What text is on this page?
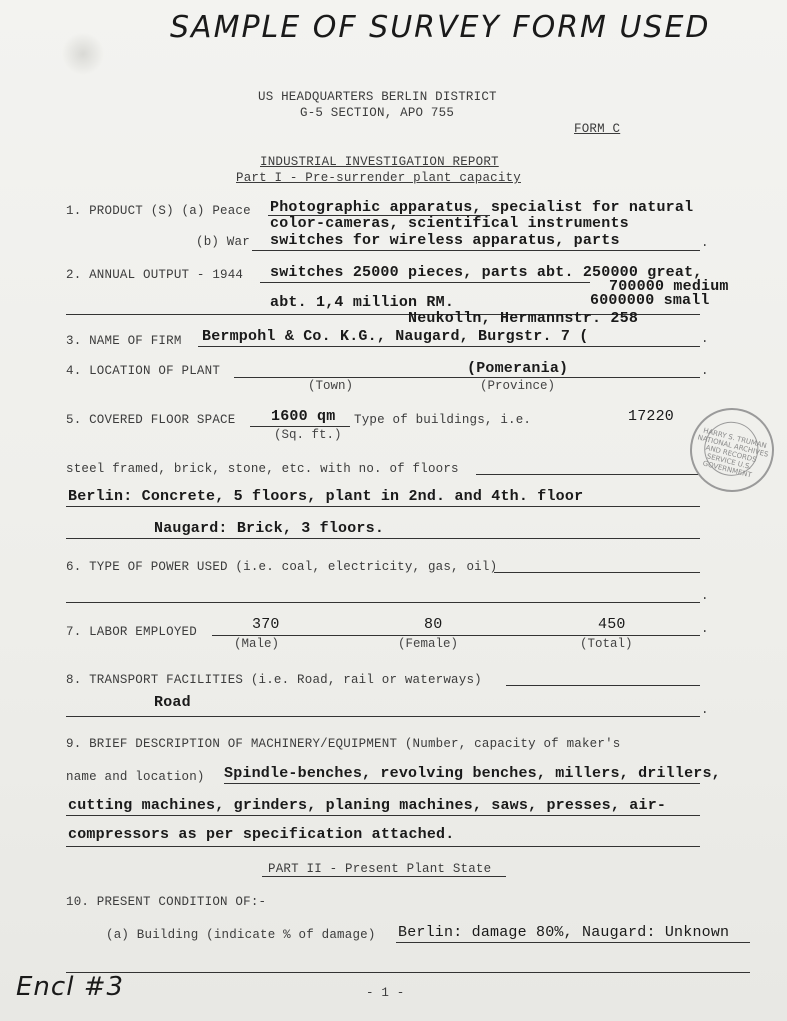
SAMPLE OF SURVEY FORM USED
US HEADQUARTERS BERLIN DISTRICT
G-5 SECTION, APO 755
FORM C
INDUSTRIAL INVESTIGATION REPORT
Part I - Pre-surrender plant capacity
1. PRODUCT (S) (a) Peace Photographic apparatus, specialist for natural
color-cameras, scientifical instruments
(b) War switches for wireless apparatus, parts	.
2. ANNUAL OUTPUT - 1944 switches 25000 pieces, parts abt. 250000 great,
700000 medium
6000000 small
abt. 1,4 million RM.
Neukolln, Hermannstr. 258
3. NAME OF FIRM Bermpohl & Co. K.G., Naugard, Burgstr. 7 (	.
4. LOCATION OF PLANT	(Pomerania)	.
(Town)	(Province)
5. COVERED FLOOR SPACE 1600 qm
(Sq. ft.)
Type of buildings, i.e.	17220
steel framed, brick, stone, etc. with no. of floors
Berlin: Concrete, 5 floors, plant in 2nd. and 4th. floor
Naugard: Brick, 3 floors.
6. TYPE OF POWER USED (i.e. coal, electricity, gas, oil)
.
7. LABOR EMPLOYED	370	80	450	.
(Male)	(Female)	(Total)
8. TRANSPORT FACILITIES (i.e. Road, rail or waterways)
Road	.
9. BRIEF DESCRIPTION OF MACHINERY/EQUIPMENT (Number, capacity of maker's
name and location) Spindle-benches, revolving benches, millers, drillers,
cutting machines, grinders, planing machines, saws, presses, air-
compressors as per specification attached.
PART II - Present Plant State
10. PRESENT CONDITION OF:-
(a) Building (indicate % of damage) Berlin: damage 80%, Naugard: Unknown
Encl #3	- 1 -
HARRY S. TRUMAN NATIONAL ARCHIVES AND RECORDS SERVICE U.S. GOVERNMENT
